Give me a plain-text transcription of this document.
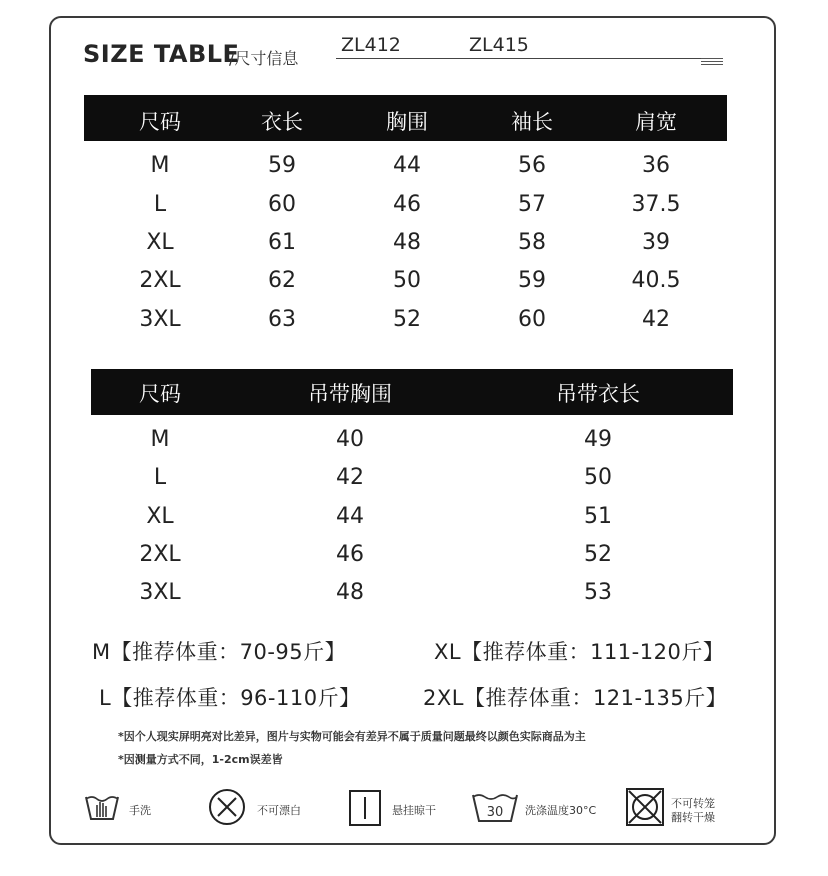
SIZE TABLE
/尺寸信息
ZL412	ZL415
尺码	衣长	胸围	袖长	肩宽
M	59	44	56	36
L	60	46	57	37.5
XL	61	48	58	39
2XL	62	50	59	40.5
3XL	63	52	60	42
尺码	吊带胸围	吊带衣长
M	40	49
L	42	50
XL	44	51
2XL	46	52
3XL	48	53
M【推荐体重：70-95斤】	XL【推荐体重：111-120斤】
L【推荐体重：96-110斤】	2XL【推荐体重：121-135斤】
*因个人现实屏明亮对比差异，图片与实物可能会有差异不属于质量问题最终以颜色实际商品为主
*因测量方式不同，1-2cm误差皆
手洗	不可漂白	悬挂晾干	30 洗涤温度30°C
不可转笼
翻转干燥
